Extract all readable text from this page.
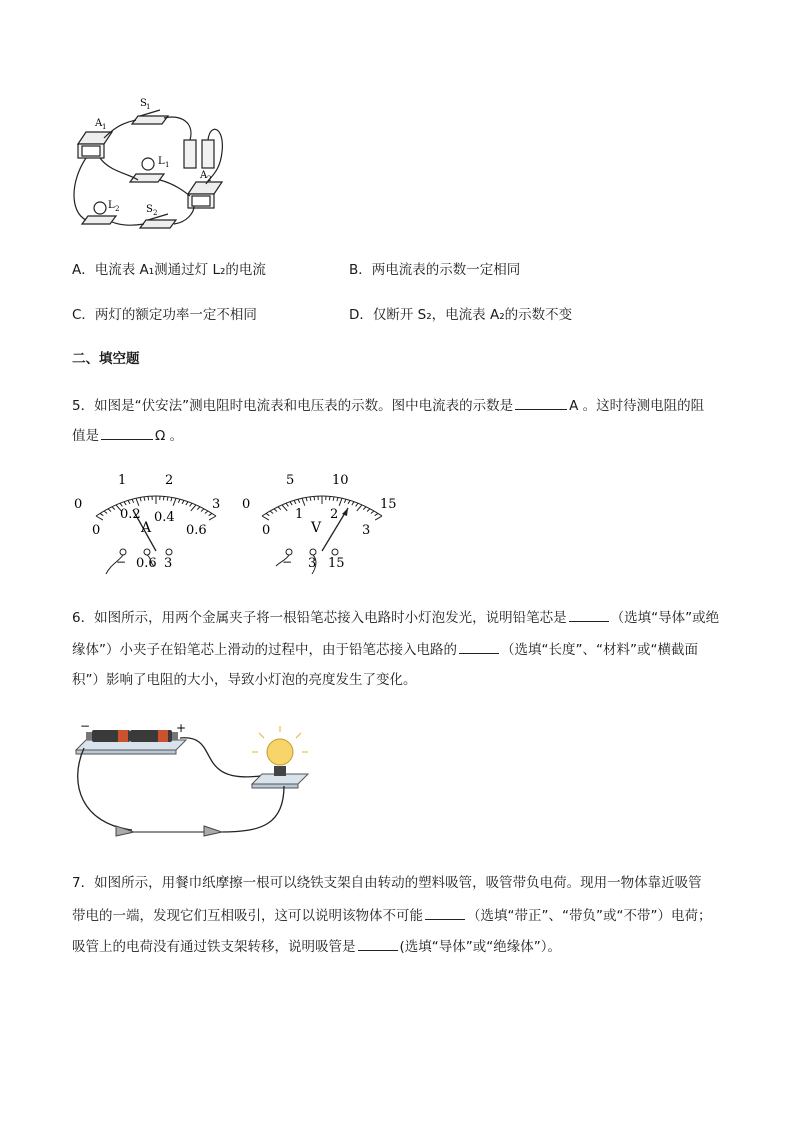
A 1
S 1
L 1
A 2
L 2	S 2
A．电流表 A₁测通过灯 L₂的电流	B．两电流表的示数一定相同
C．两灯的额定功率一定不相同	D．仅断开 S₂，电流表 A₂的示数不变
二、填空题
5．如图是“伏安法”测电阻时电流表和电压表的示数。图中电流表的示数是	A 。这时待测电阻的阻
值是	Ω 。
0
1	2
3
0
0.2 0.4
0.6
A
− 0.6 3
0
5	10
15
0
1 2
3
V
− 3 15
6．如图所示，用两个金属夹子将一根铅笔芯接入电路时小灯泡发光，说明铅笔芯是	（选填“导体”或绝
缘体”）小夹子在铅笔芯上滑动的过程中，由于铅笔芯接入电路的	（选填“长度”、“材料”或“横截面
积”）影响了电阻的大小，导致小灯泡的亮度发生了变化。
−	+
7．如图所示，用餐巾纸摩擦一根可以绕铁支架自由转动的塑料吸管，吸管带负电荷。现用一物体靠近吸管
带电的一端，发现它们互相吸引，这可以说明该物体不可能	（选填“带正”、“带负”或“不带”）电荷；
吸管上的电荷没有通过铁支架转移，说明吸管是	(选填“导体”或“绝缘体”）。
